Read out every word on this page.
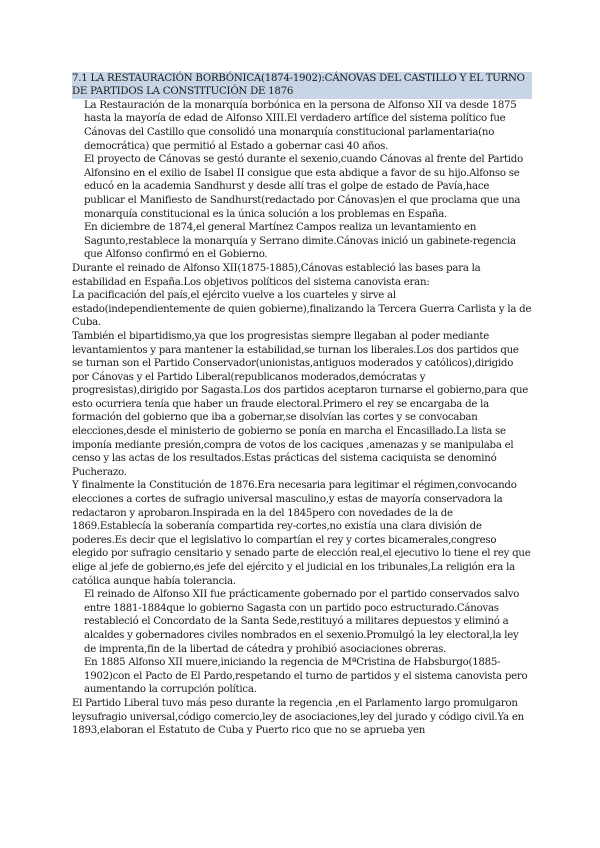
7.1 LA RESTAURACIÓN BORBÓNICA(1874-1902):CÁNOVAS DEL CASTILLO Y EL TURNO DE PARTIDOS LA CONSTITUCIÓN DE 1876

La Restauración de la monarquía borbónica en la persona de Alfonso XII va desde 1875 hasta la mayoría de edad de Alfonso XIII.El verdadero artífice del sistema político fue Cánovas del Castillo que consolidó una monarquía constitucional parlamentaria(no democrática) que permitió al Estado a gobernar casi 40 años.

El proyecto de Cánovas se gestó durante el sexenio,cuando Cánovas al frente del Partido Alfonsino en el exilio de Isabel II consigue que esta abdique a favor de su hijo.Alfonso se educó en la academia Sandhurst y desde allí tras el golpe de estado de Pavía,hace publicar el Manifiesto de Sandhurst(redactado por Cánovas)en el que proclama que una monarquía constitucional es la única solución a los problemas en España.

En diciembre de 1874,el general Martínez Campos realiza un levantamiento en Sagunto,restablece la monarquía y Serrano dimite.Cánovas inició un gabinete-regencia que Alfonso confirmó en el Gobierno.

Durante el reinado de Alfonso XII(1875-1885),Cánovas estableció las bases para la estabilidad en España.Los objetivos políticos del sistema canovista eran:

La pacificación del país,el ejército vuelve a los cuarteles y sirve al estado(independientemente de quien gobierne),finalizando la Tercera Guerra Carlista y la de Cuba.

También el bipartidismo,ya que los progresistas siempre llegaban al poder mediante levantamientos y para mantener la estabilidad,se turnan los liberales.Los dos partidos que se turnan son el Partido Conservador(unionistas,antiguos moderados y católicos),dirigido por Cánovas y el Partido Liberal(republicanos moderados,demócratas y progresistas),dirigido por Sagasta.Los dos partidos aceptaron turnarse el gobierno,para que esto ocurriera tenía que haber un fraude electoral.Primero el rey se encargaba de la formación del gobierno que iba a gobernar,se disolvían las cortes y se convocaban elecciones,desde el ministerio de gobierno se ponía en marcha el Encasillado.La lista se imponía mediante presión,compra de votos de los caciques ,amenazas y se manipulaba el censo y las actas de los resultados.Estas prácticas del sistema caciquista se denominó Pucherazo.

Y finalmente la Constitución de 1876.Era necesaria para legitimar el régimen,convocando elecciones a cortes de sufragio universal masculino,y estas de mayoría conservadora la redactaron y aprobaron.Inspirada en la del 1845pero con novedades de la de 1869.Establecía la soberanía compartida rey-cortes,no existía una clara división de poderes.Es decir que el legislativo lo compartían el rey y cortes bicamerales,congreso elegido por sufragio censitario y senado parte de elección real,el ejecutivo lo tiene el rey que elige al jefe de gobierno,es jefe del ejército y el judicial en los tribunales,La religión era la católica aunque había tolerancia.

El reinado de Alfonso XII fue prácticamente gobernado por el partido conservados salvo entre 1881-1884que lo gobierno Sagasta con un partido poco estructurado.Cánovas restableció el Concordato de la Santa Sede,restituyó a militares depuestos y eliminó a alcaldes y gobernadores civiles nombrados en el sexenio.Promulgó la ley electoral,la ley de imprenta,fin de la libertad de cátedra y prohibió asociaciones obreras.

En 1885 Alfonso XII muere,iniciando la regencia de MªCristina de Habsburgo(1885-1902)con el Pacto de El Pardo,respetando el turno de partidos y el sistema canovista pero aumentando la corrupción política.

El Partido Liberal tuvo más peso durante la regencia ,en el Parlamento largo promulgaron leysufragio universal,código comercio,ley de asociaciones,ley del jurado y código civil.Ya en 1893,elaboran el Estatuto de Cuba y Puerto rico que no se aprueba yen
